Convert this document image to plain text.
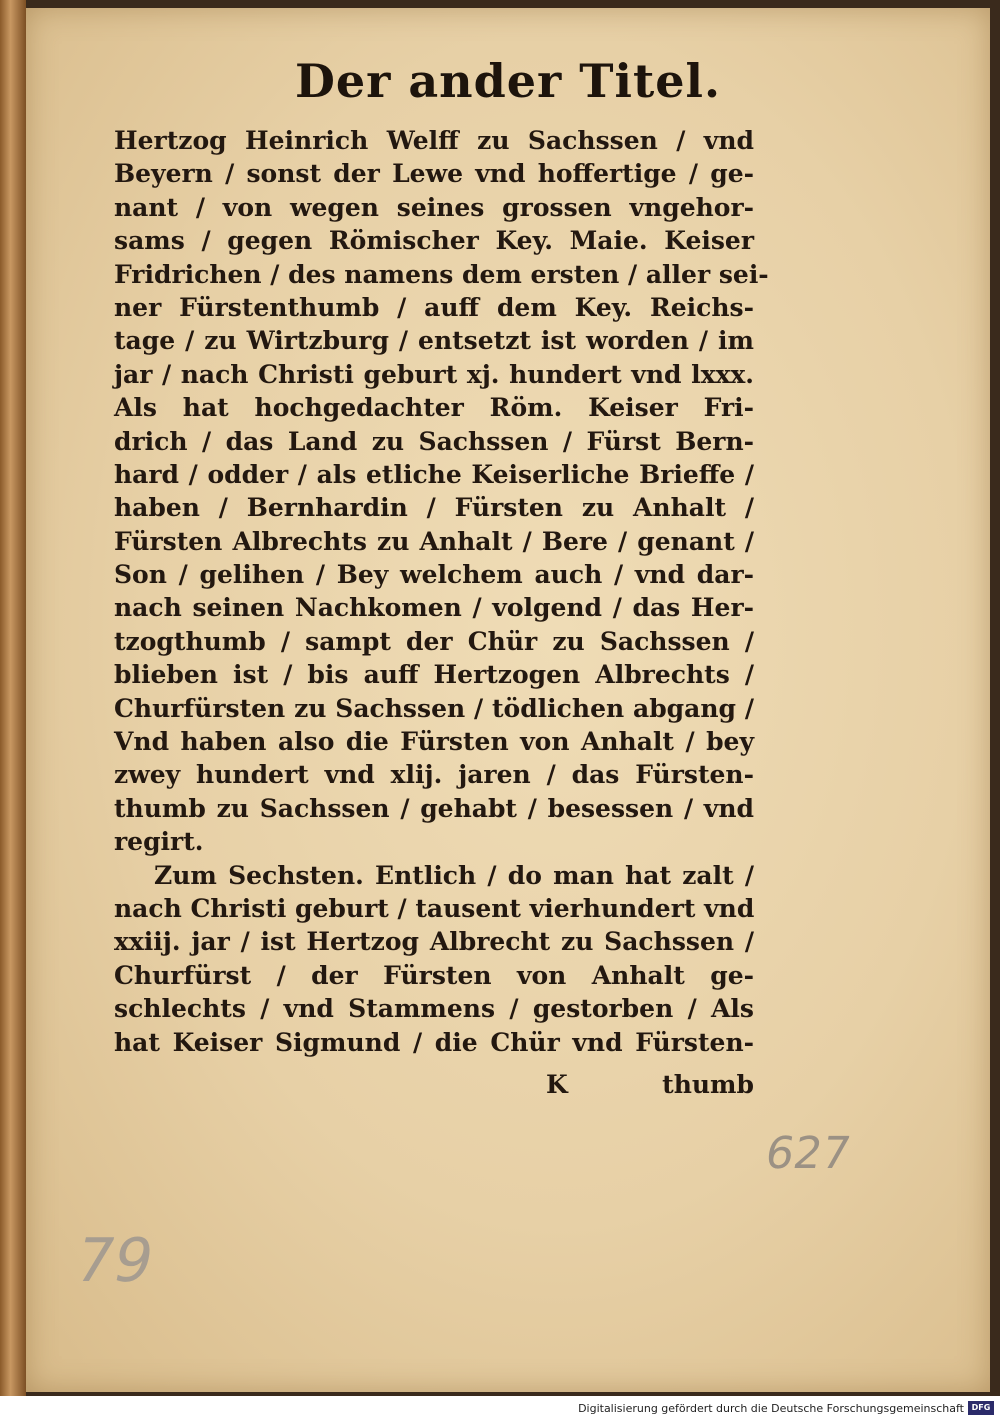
Der ander Titel.
Hertzog Heinrich Welff zu Sachssen / vnd
Beyern / sonst der Lewe vnd hoffertige / ge-
nant / von wegen seines grossen vngehor-
sams / gegen Römischer Key. Maie. Keiser
Fridrichen / des namens dem ersten / aller sei-
ner Fürstenthumb / auff dem Key. Reichs-
tage / zu Wirtzburg / entsetzt ist worden / im
jar / nach Christi geburt xj. hundert vnd lxxx.
Als hat hochgedachter Röm. Keiser Fri-
drich / das Land zu Sachssen / Fürst Bern-
hard / odder / als etliche Keiserliche Brieffe /
haben / Bernhardin / Fürsten zu Anhalt /
Fürsten Albrechts zu Anhalt / Bere / genant /
Son / gelihen / Bey welchem auch / vnd dar-
nach seinen Nachkomen / volgend / das Her-
tzogthumb / sampt der Chür zu Sachssen /
blieben ist / bis auff Hertzogen Albrechts /
Churfürsten zu Sachssen / tödlichen abgang /
Vnd haben also die Fürsten von Anhalt / bey
zwey hundert vnd xlij. jaren / das Fürsten-
thumb zu Sachssen / gehabt / besessen / vnd
regirt.
Zum Sechsten. Entlich / do man hat zalt /
nach Christi geburt / tausent vierhundert vnd
xxiij. jar / ist Hertzog Albrecht zu Sachssen /
Churfürst / der Fürsten von Anhalt ge-
schlechts / vnd Stammens / gestorben / Als
hat Keiser Sigmund / die Chür vnd Fürsten-
K	thumb
627
79
Digitalisierung gefördert durch die Deutsche Forschungsgemeinschaft DFG
